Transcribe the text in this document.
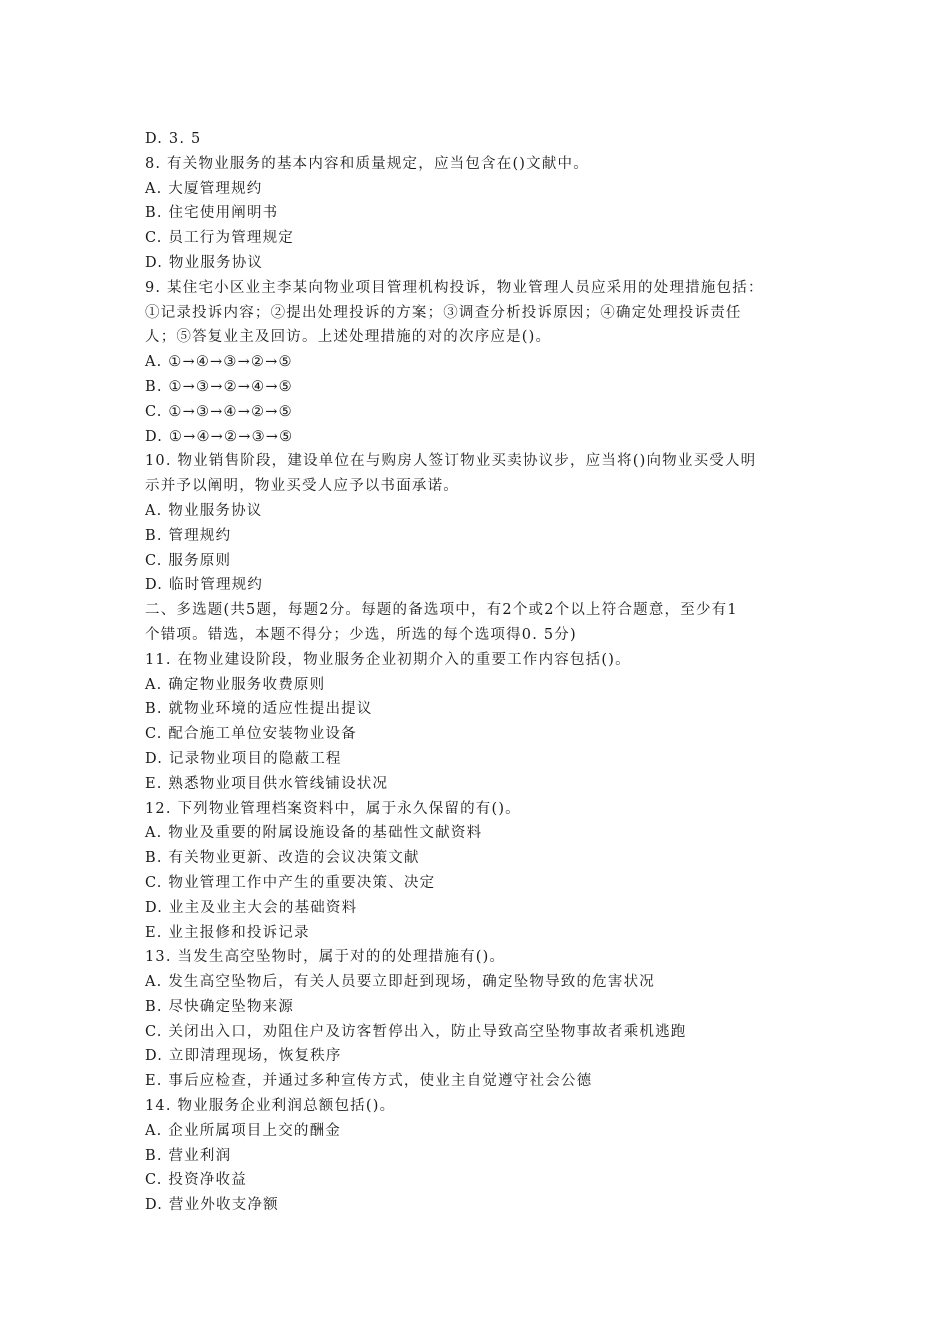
D. 3. 5
8. 有关物业服务的基本内容和质量规定，应当包含在()文献中。
A. 大厦管理规约
B. 住宅使用阐明书
C. 员工行为管理规定
D. 物业服务协议
9. 某住宅小区业主李某向物业项目管理机构投诉，物业管理人员应采用的处理措施包括：
①记录投诉内容；②提出处理投诉的方案；③调查分析投诉原因；④确定处理投诉责任
人；⑤答复业主及回访。上述处理措施的对的次序应是()。
A. ①→④→③→②→⑤
B. ①→③→②→④→⑤
C. ①→③→④→②→⑤
D. ①→④→②→③→⑤
10. 物业销售阶段，建设单位在与购房人签订物业买卖协议步，应当将()向物业买受人明
示并予以阐明，物业买受人应予以书面承诺。
A. 物业服务协议
B. 管理规约
C. 服务原则
D. 临时管理规约
二、多选题(共5题，每题2分。每题的备选项中，有2个或2个以上符合题意，至少有1
个错项。错选，本题不得分；少选，所选的每个选项得0. 5分)
11. 在物业建设阶段，物业服务企业初期介入的重要工作内容包括()。
A. 确定物业服务收费原则
B. 就物业环境的适应性提出提议
C. 配合施工单位安装物业设备
D. 记录物业项目的隐蔽工程
E. 熟悉物业项目供水管线铺设状况
12. 下列物业管理档案资料中，属于永久保留的有()。
A. 物业及重要的附属设施设备的基础性文献资料
B. 有关物业更新、改造的会议决策文献
C. 物业管理工作中产生的重要决策、决定
D. 业主及业主大会的基础资料
E. 业主报修和投诉记录
13. 当发生高空坠物时，属于对的的处理措施有()。
A. 发生高空坠物后，有关人员要立即赶到现场，确定坠物导致的危害状况
B. 尽快确定坠物来源
C. 关闭出入口，劝阻住户及访客暂停出入，防止导致高空坠物事故者乘机逃跑
D. 立即清理现场，恢复秩序
E. 事后应检查，并通过多种宣传方式，使业主自觉遵守社会公德
14. 物业服务企业利润总额包括()。
A. 企业所属项目上交的酬金
B. 营业利润
C. 投资净收益
D. 营业外收支净额
